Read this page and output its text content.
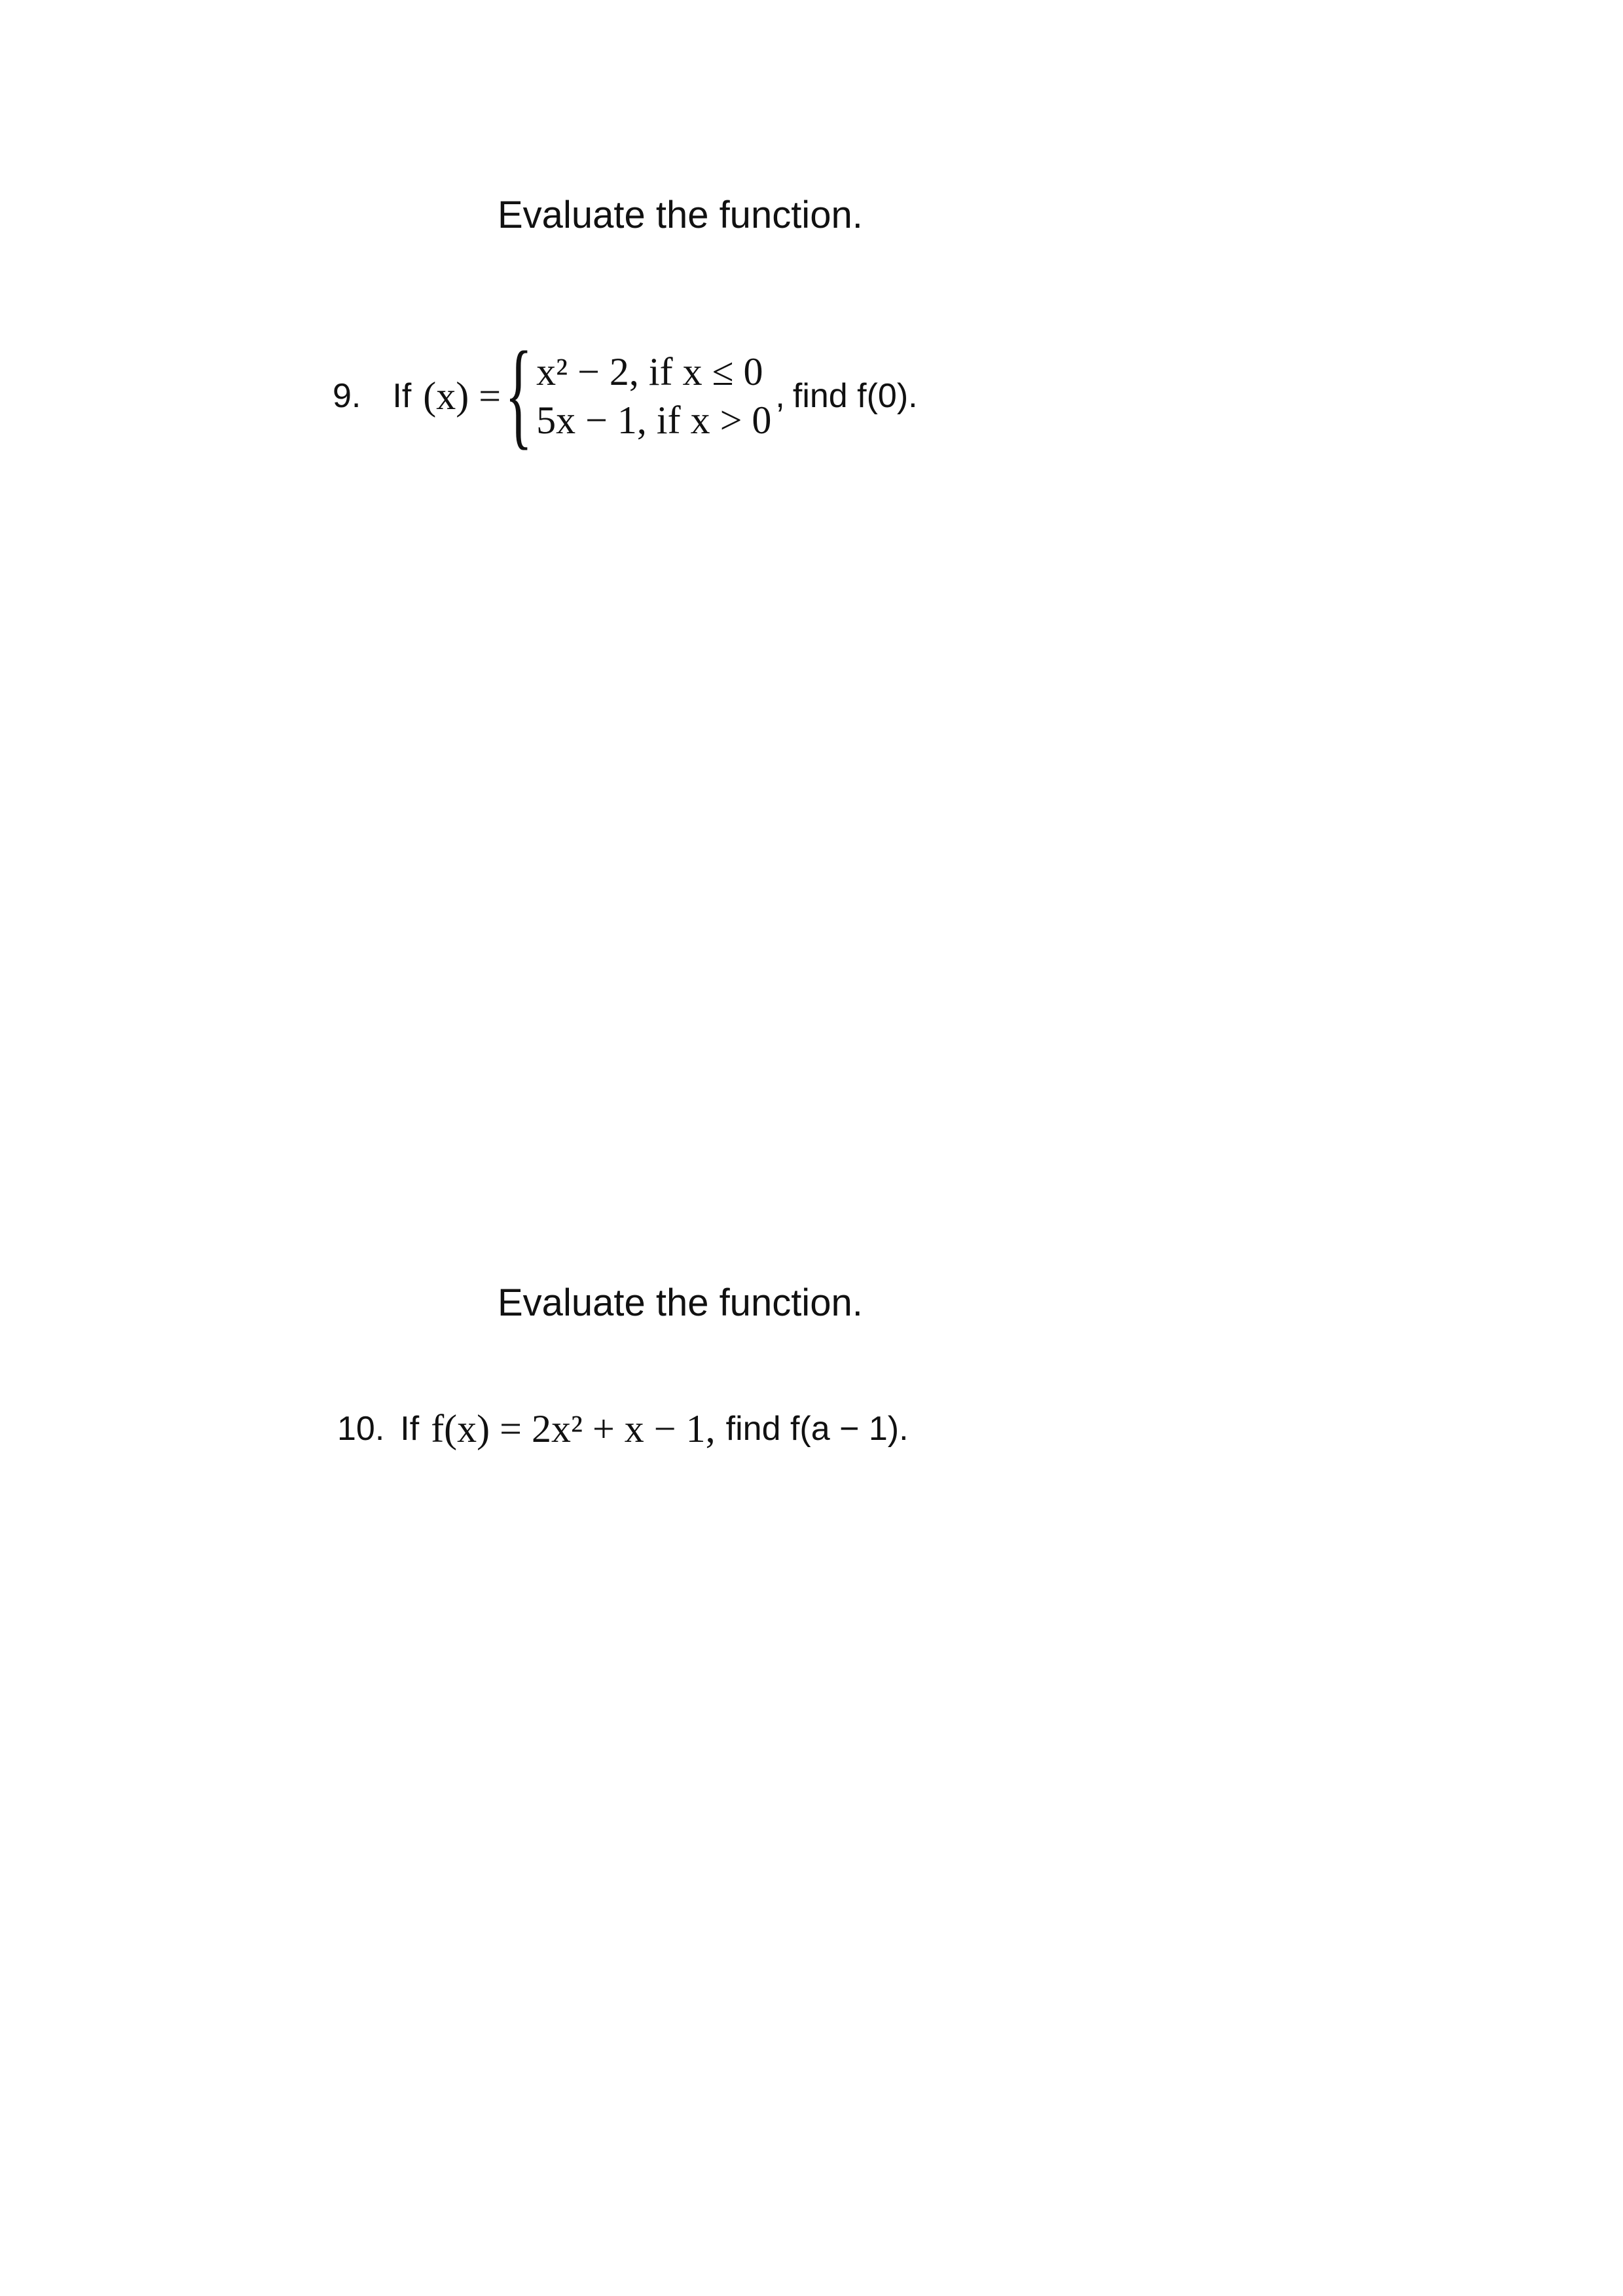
Evaluate the function.
9. If (x) = { x² − 2, if x ≤ 0
5x − 1, if x > 0
, find f(0).
Evaluate the function.
10. If f(x) = 2x² + x − 1, find f(a − 1).
